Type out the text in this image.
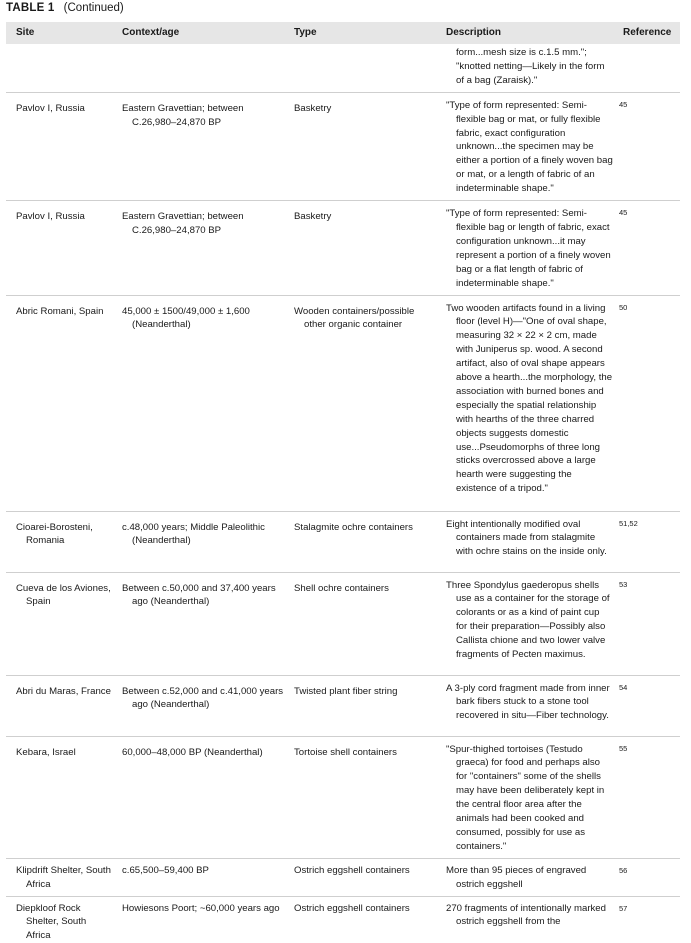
TABLE 1 (Continued)
Site	Context/age	Type	Description	Reference

			form...mesh size is c.1.5 mm."; "knotted netting—Likely in the form of a bag (Zaraisk)."	

Pavlov I, Russia	Eastern Gravettian; between C.26,980–24,870 BP	Basketry	"Type of form represented: Semi-flexible bag or mat, or fully flexible fabric, exact configuration unknown...the specimen may be either a portion of a finely woven bag or mat, or a length of fabric of an indeterminable shape."	45

Pavlov I, Russia	Eastern Gravettian; between C.26,980–24,870 BP	Basketry	"Type of form represented: Semi-flexible bag or length of fabric, exact configuration unknown...it may represent a portion of a finely woven bag or a flat length of fabric of indeterminable shape."	45

Abric Romani, Spain	45,000 ± 1500/49,000 ± 1,600 (Neanderthal)	Wooden containers/possible other organic container	Two wooden artifacts found in a living floor (level H)—"One of oval shape, measuring 32 × 22 × 2 cm, made with Juniperus sp. wood. A second artifact, also of oval shape appears above a hearth...the morphology, the association with burned bones and especially the spatial relationship with hearths of the three charred objects suggests domestic use...Pseudomorphs of three long sticks overcrossed above a large hearth were suggesting the existence of a tripod."	50

Cioarei-Borosteni, Romania	c.48,000 years; Middle Paleolithic (Neanderthal)	Stalagmite ochre containers	Eight intentionally modified oval containers made from stalagmite with ochre stains on the inside only.	51,52

Cueva de los Aviones, Spain	Between c.50,000 and 37,400 years ago (Neanderthal)	Shell ochre containers	Three Spondylus gaederopus shells use as a container for the storage of colorants or as a kind of paint cup for their preparation—Possibly also Callista chione and two lower valve fragments of Pecten maximus.	53

Abri du Maras, France	Between c.52,000 and c.41,000 years ago (Neanderthal)	Twisted plant fiber string	A 3-ply cord fragment made from inner bark fibers stuck to a stone tool recovered in situ—Fiber technology.	54

Kebara, Israel	60,000–48,000 BP (Neanderthal)	Tortoise shell containers	"Spur-thighed tortoises (Testudo graeca) for food and perhaps also for "containers" some of the shells may have been deliberately kept in the central floor area after the animals had been cooked and consumed, possibly for use as containers."	55

Klipdrift Shelter, South Africa	c.65,500–59,400 BP	Ostrich eggshell containers	More than 95 pieces of engraved ostrich eggshell	56

Diepkloof Rock Shelter, South Africa	Howiesons Poort; ~60,000 years ago	Ostrich eggshell containers	270 fragments of intentionally marked ostrich eggshell from the	57
